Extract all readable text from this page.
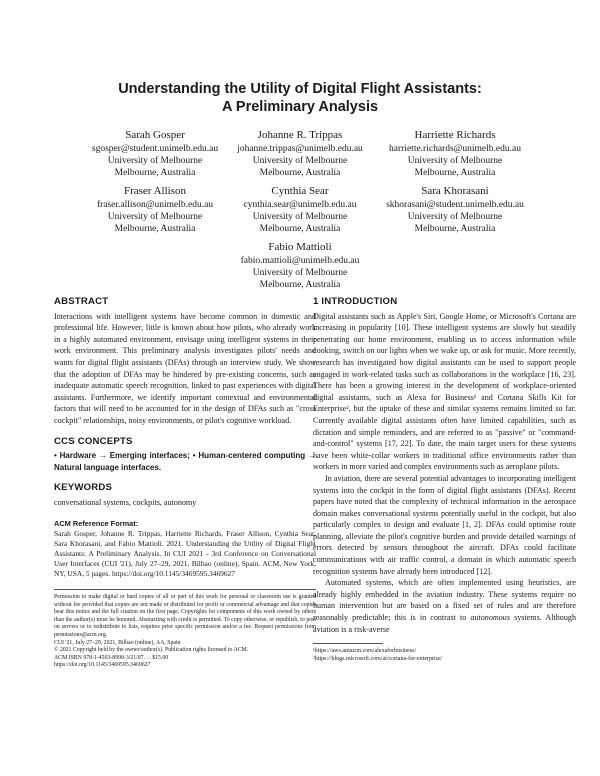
Understanding the Utility of Digital Flight Assistants:
A Preliminary Analysis
Sarah Gosper
sgosper@student.unimelb.edu.au
University of Melbourne
Melbourne, Australia
Johanne R. Trippas
johanne.trippas@unimelb.edu.au
University of Melbourne
Melbourne, Australia
Harriette Richards
harriette.richards@unimelb.edu.au
University of Melbourne
Melbourne, Australia
Fraser Allison
fraser.allison@unimelb.edu.au
University of Melbourne
Melbourne, Australia
Cynthia Sear
cynthia.sear@unimelb.edu.au
University of Melbourne
Melbourne, Australia
Sara Khorasani
skhorasani@student.unimelb.edu.au
University of Melbourne
Melbourne, Australia
Fabio Mattioli
fabio.mattioli@unimelb.edu.au
University of Melbourne
Melbourne, Australia
ABSTRACT

Interactions with intelligent systems have become common in domestic and professional life. However, little is known about how pilots, who already work in a highly automated environment, envisage using intelligent systems in their work environment. This preliminary analysis investigates pilots' needs and wants for digital flight assistants (DFAs) through an interview study. We show that the adoption of DFAs may be hindered by pre-existing concerns, such as inadequate automatic speech recognition, linked to past experiences with digital assistants. Furthermore, we identify important contextual and environmental factors that will need to be accounted for in the design of DFAs such as "cross cockpit" relationships, noisy environments, or pilot's cognitive workload.

CCS CONCEPTS

• Hardware → Emerging interfaces; • Human-centered computing → Natural language interfaces.

KEYWORDS

conversational systems, cockpits, autonomy

ACM Reference Format:

Sarah Gosper, Johanne R. Trippas, Harriette Richards, Fraser Allison, Cynthia Sear, Sara Khorasani, and Fabio Mattioli. 2021. Understanding the Utility of Digital Flight Assistants: A Preliminary Analysis. In CUI 2021 - 3rd Conference on Conversational User Interfaces (CUI '21), July 27–29, 2021, Bilbao (online), Spain. ACM, New York, NY, USA, 5 pages. https://doi.org/10.1145/3469595.3469627

Permission to make digital or hard copies of all or part of this work for personal or classroom use is granted without fee provided that copies are not made or distributed for profit or commercial advantage and that copies bear this notice and the full citation on the first page. Copyrights for components of this work owned by others than the author(s) must be honored. Abstracting with credit is permitted. To copy otherwise, or republish, to post on servers or to redistribute to lists, requires prior specific permission and/or a fee. Request permissions from permissions@acm.org.

CUI '21, July 27–29, 2021, Bilbao (online), AA, Spain
© 2021 Copyright held by the owner/author(s). Publication rights licensed to ACM.
ACM ISBN 978-1-4503-8998-3/21/07. . . $15.00
https://doi.org/10.1145/3469595.3469627
1 INTRODUCTION

Digital assistants such as Apple's Siri, Google Home, or Microsoft's Cortana are increasing in popularity [10]. These intelligent systems are slowly but steadily penetrating our home environment, enabling us to access information while cooking, switch on our lights when we wake up, or ask for music. More recently, research has investigated how digital assistants can be used to support people engaged in work-related tasks such as collaborations in the workplace [16, 23]. There has been a growing interest in the development of workplace-oriented digital assistants, such as Alexa for Business¹ and Cortana Skills Kit for Enterprise², but the uptake of these and similar systems remains limited so far. Currently available digital assistants often have limited capabilities, such as dictation and simple reminders, and are referred to as "passive" or "command-and-control" systems [17, 22]. To date, the main target users for these systems have been white-collar workers in traditional office environments rather than workers in more varied and complex environments such as aeroplane pilots.

In aviation, there are several potential advantages to incorporating intelligent systems into the cockpit in the form of digital flight assistants (DFAs). Recent papers have noted that the complexity of technical information in the aerospace domain makes conversational systems potentially useful in the cockpit, but also particularly complex to design and evaluate [1, 2]. DFAs could optimise route planning, alleviate the pilot's cognitive burden and provide detailed warnings of errors detected by sensors throughout the aircraft. DFAs could facilitate communications with air traffic control, a domain in which automatic speech recognition systems have already been introduced [12].

Automated systems, which are often implemented using heuristics, are already highly embedded in the aviation industry. These systems require no human intervention but are based on a fixed set of rules and are therefore reasonably predictable; this is in contrast to autonomous systems. Although aviation is a risk-averse

¹https://aws.amazon.com/alexaforbusiness/
²https://blogs.microsoft.com/ai/cortana-for-enterprise/
